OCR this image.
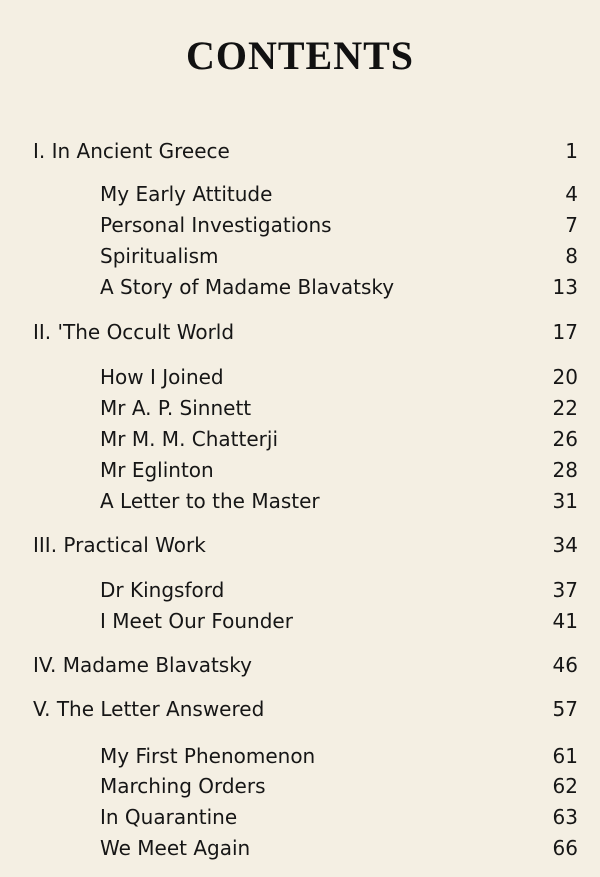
CONTENTS
I. In Ancient Greece	1
My Early Attitude	4
Personal Investigations	7
Spiritualism	8
A Story of Madame Blavatsky	13
II. 'The Occult World	17
How I Joined	20
Mr A. P. Sinnett	22
Mr M. M. Chatterji	26
Mr Eglinton	28
A Letter to the Master	31
III. Practical Work	34
Dr Kingsford	37
I Meet Our Founder	41
IV. Madame Blavatsky	46
V. The Letter Answered	57
My First Phenomenon	61
Marching Orders	62
In Quarantine	63
We Meet Again	66
